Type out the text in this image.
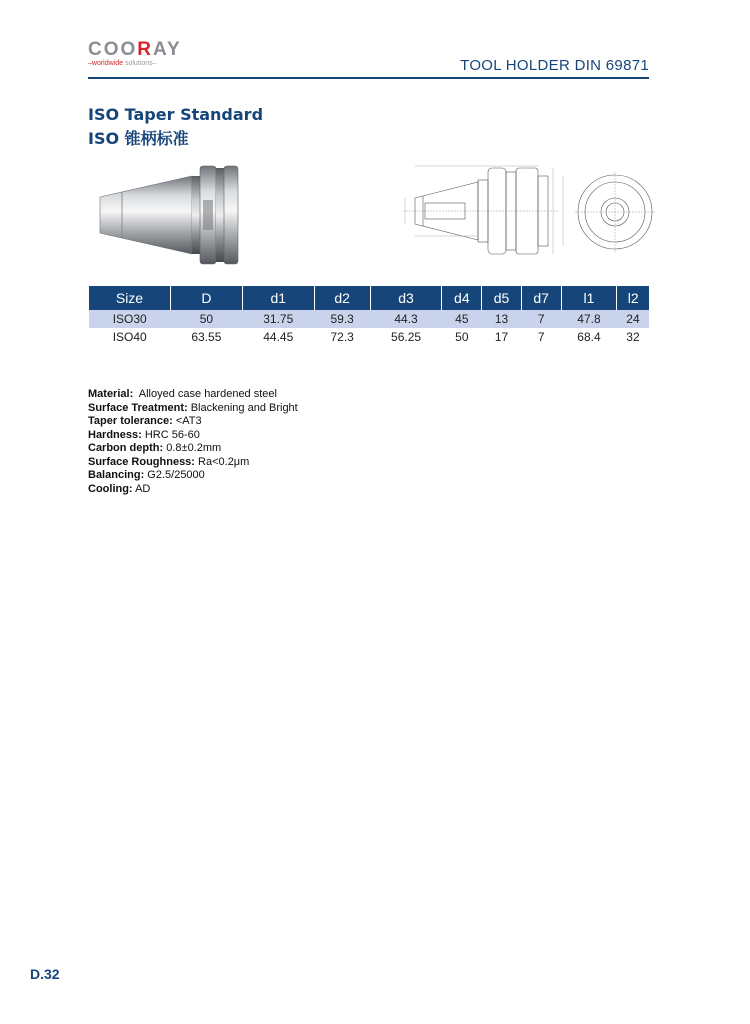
COORAY
–worldwide solutions–	TOOL HOLDER DIN 69871
ISO Taper Standard
ISO 锥柄标准
Size	D	d1	d2	d3	d4	d5	d7	l1	l2
ISO30	50	31.75	59.3	44.3	45	13	7	47.8	24
ISO40	63.55	44.45	72.3	56.25	50	17	7	68.4	32
Material: Alloyed case hardened steel
Surface Treatment: Blackening and Bright
Taper tolerance: <AT3
Hardness: HRC 56-60
Carbon depth: 0.8±0.2mm
Surface Roughness: Ra<0.2μm
Balancing: G2.5/25000
Cooling: AD
D.32
